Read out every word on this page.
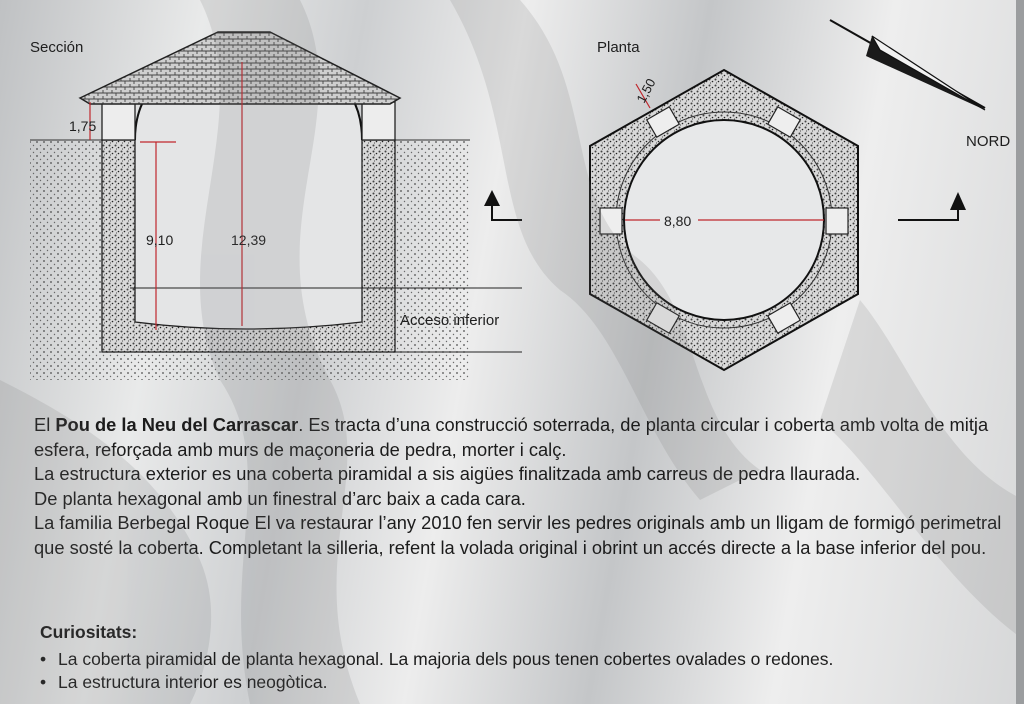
Sección
1,75
9,10	12,39
Acceso inferior
Planta
8,80
1,50
NORD

El Pou de la Neu del Carrascar. Es tracta d’una construcció soterrada, de planta circular i coberta amb volta de mitja esfera, reforçada amb murs de maçoneria de pedra, morter i calç.

La estructura exterior es una coberta piramidal a sis aigües finalitzada amb carreus de pedra llaurada.

De planta hexagonal amb un finestral d’arc baix a cada cara.

La familia Berbegal Roque El va restaurar l’any 2010 fen servir les pedres originals amb un lligam de formigó perimetral que sosté la coberta. Completant la silleria, refent la volada original i obrint un accés directe a la base inferior del pou.

Curiositats:
• La coberta piramidal de planta hexagonal. La majoria dels pous tenen cobertes ovalades o redones.
• La estructura interior es neogòtica.
